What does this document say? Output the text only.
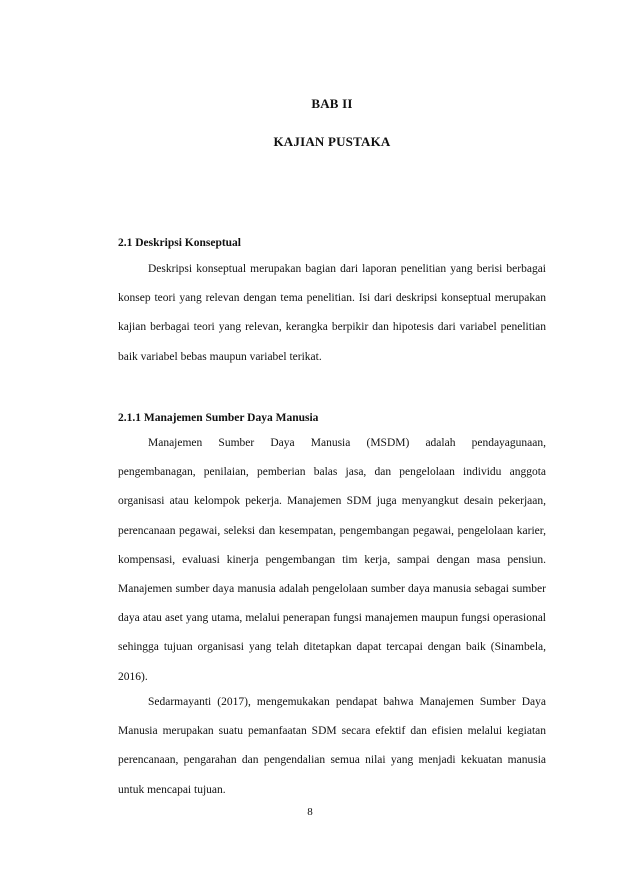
BAB II
KAJIAN PUSTAKA
2.1 Deskripsi Konseptual

Deskripsi konseptual merupakan bagian dari laporan penelitian yang berisi berbagai konsep teori yang relevan dengan tema penelitian. Isi dari deskripsi konseptual merupakan kajian berbagai teori yang relevan, kerangka berpikir dan hipotesis dari variabel penelitian baik variabel bebas maupun variabel terikat.

2.1.1 Manajemen Sumber Daya Manusia

Manajemen Sumber Daya Manusia (MSDM) adalah pendayagunaan, pengembanagan, penilaian, pemberian balas jasa, dan pengelolaan individu anggota organisasi atau kelompok pekerja. Manajemen SDM juga menyangkut desain pekerjaan, perencanaan pegawai, seleksi dan kesempatan, pengembangan pegawai, pengelolaan karier, kompensasi, evaluasi kinerja pengembangan tim kerja, sampai dengan masa pensiun. Manajemen sumber daya manusia adalah pengelolaan sumber daya manusia sebagai sumber daya atau aset yang utama, melalui penerapan fungsi manajemen maupun fungsi operasional sehingga tujuan organisasi yang telah ditetapkan dapat tercapai dengan baik (Sinambela, 2016).

Sedarmayanti (2017), mengemukakan pendapat bahwa Manajemen Sumber Daya Manusia merupakan suatu pemanfaatan SDM secara efektif dan efisien melalui kegiatan perencanaan, pengarahan dan pengendalian semua nilai yang menjadi kekuatan manusia untuk mencapai tujuan.

8
